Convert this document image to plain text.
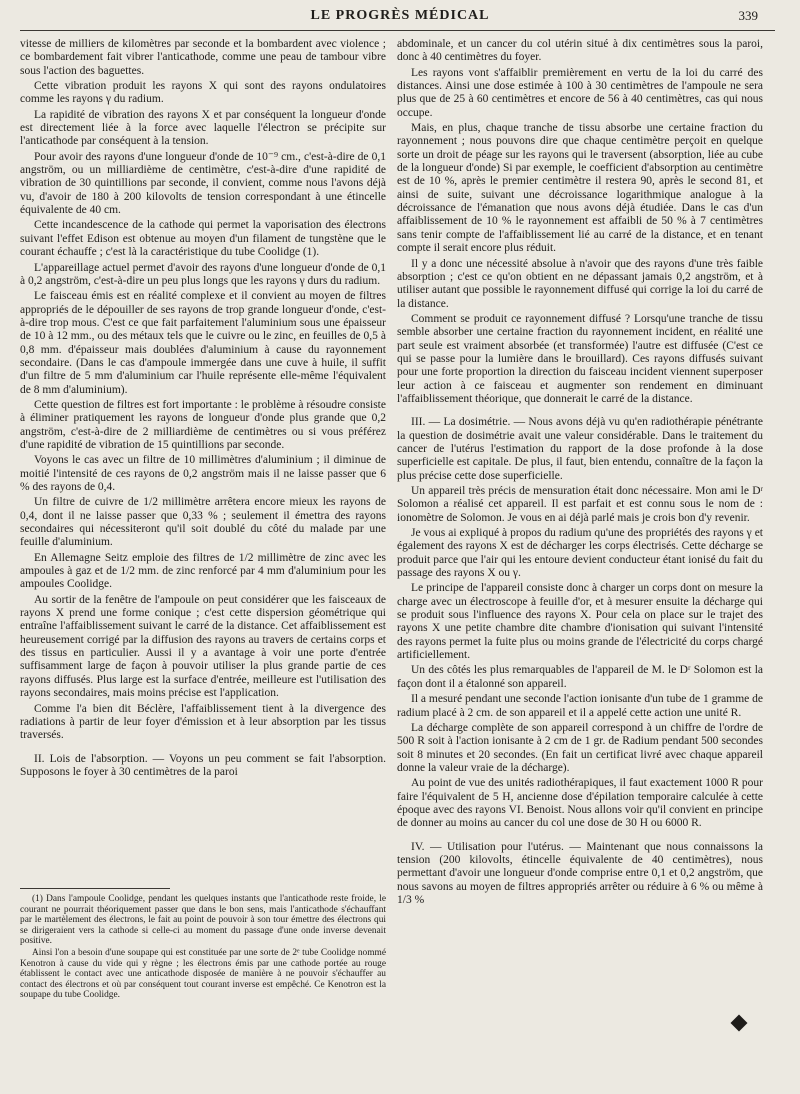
LE PROGRÈS MÉDICAL	339

vitesse de milliers de kilomètres par seconde et la bombardent avec violence ; ce bombardement fait vibrer l'anticathode, comme une peau de tambour vibre sous l'action des baguettes.

Cette vibration produit les rayons X qui sont des rayons ondulatoires comme les rayons γ du radium.

La rapidité de vibration des rayons X et par conséquent la longueur d'onde est directement liée à la force avec laquelle l'électron se précipite sur l'anticathode par conséquent à la tension.

Pour avoir des rayons d'une longueur d'onde de 10⁻⁹ cm., c'est-à-dire de 0,1 angström, ou un milliardième de centimètre, c'est-à-dire d'une rapidité de vibration de 30 quintillions par seconde, il convient, comme nous l'avons déjà vu, d'avoir de 180 à 200 kilovolts de tension correspondant à une étincelle équivalente de 40 cm.

Cette incandescence de la cathode qui permet la vaporisation des électrons suivant l'effet Edison est obtenue au moyen d'un filament de tungstène que le courant échauffe ; c'est là la caractéristique du tube Coolidge (1).

L'appareillage actuel permet d'avoir des rayons d'une longueur d'onde de 0,1 à 0,2 angström, c'est-à-dire un peu plus longs que les rayons γ durs du radium.

Le faisceau émis est en réalité complexe et il convient au moyen de filtres appropriés de le dépouiller de ses rayons de trop grande longueur d'onde, c'est-à-dire trop mous. C'est ce que fait parfaitement l'aluminium sous une épaisseur de 10 à 12 mm., ou des métaux tels que le cuivre ou le zinc, en feuilles de 0,5 à 0,8 mm. d'épaisseur mais doublées d'aluminium à cause du rayonnement secondaire. (Dans le cas d'ampoule immergée dans une cuve à huile, il suffit d'un filtre de 5 mm d'aluminium car l'huile représente elle-même l'équivalent de 8 mm d'aluminium).

Cette question de filtres est fort importante : le problème à résoudre consiste à éliminer pratiquement les rayons de longueur d'onde plus grande que 0,2 angström, c'est-à-dire de 2 milliardième de centimètres ou si vous préférez d'une rapidité de vibration de 15 quintillions par seconde.

Voyons le cas avec un filtre de 10 millimètres d'aluminium ; il diminue de moitié l'intensité de ces rayons de 0,2 angström mais il ne laisse passer que 6 % des rayons de 0,4.

Un filtre de cuivre de 1/2 millimètre arrêtera encore mieux les rayons de 0,4, dont il ne laisse passer que 0,33 % ; seulement il émettra des rayons secondaires qui nécessiteront qu'il soit doublé du côté du malade par une feuille d'aluminium.

En Allemagne Seitz emploie des filtres de 1/2 millimètre de zinc avec les ampoules à gaz et de 1/2 mm. de zinc renforcé par 4 mm d'aluminium pour les ampoules Coolidge.

Au sortir de la fenêtre de l'ampoule on peut considérer que les faisceaux de rayons X prend une forme conique ; c'est cette dispersion géométrique qui entraîne l'affaiblissement suivant le carré de la distance. Cet affaiblissement est heureusement corrigé par la diffusion des rayons au travers de certains corps et des tissus en particulier. Aussi il y a avantage à voir une porte d'entrée suffisamment large de façon à pouvoir utiliser la plus grande partie de ces rayons diffusés. Plus large est la surface d'entrée, meilleure est l'utilisation des rayons secondaires, mais moins précise est l'application.

Comme l'a bien dit Béclère, l'affaiblissement tient à la divergence des radiations à partir de leur foyer d'émission et à leur absorption par les tissus traversés.

II. Lois de l'absorption. — Voyons un peu comment se fait l'absorption. Supposons le foyer à 30 centimètres de la paroi

(1) Dans l'ampoule Coolidge, pendant les quelques instants que l'anticathode reste froide, le courant ne pourrait théoriquement passer que dans le bon sens, mais l'anticathode s'échauffant par le martèlement des électrons, le fait au point de pouvoir à son tour émettre des électrons qui se dirigeraient vers la cathode si celle-ci au moment du passage d'une onde inverse devenait positive.

Ainsi l'on a besoin d'une soupape qui est constituée par une sorte de 2ᵉ tube Coolidge nommé Kenotron à cause du vide qui y règne ; les électrons émis par une cathode portée au rouge établissent le contact avec une anticathode disposée de manière à ne pouvoir s'échauffer au contact des électrons et où par conséquent tout courant inverse est empêché. Ce Kenotron est la soupape du tube Coolidge.

abdominale, et un cancer du col utérin situé à dix centimètres sous la paroi, donc à 40 centimètres du foyer.

Les rayons vont s'affaiblir premièrement en vertu de la loi du carré des distances. Ainsi une dose estimée à 100 à 30 centimètres de l'ampoule ne sera plus que de 25 à 60 centimètres et encore de 56 à 40 centimètres, cas qui nous occupe.

Mais, en plus, chaque tranche de tissu absorbe une certaine fraction du rayonnement ; nous pouvons dire que chaque centimètre perçoit en quelque sorte un droit de péage sur les rayons qui le traversent (absorption, liée au cube de la longueur d'onde) Si par exemple, le coefficient d'absorption au centimètre est de 10 %, après le premier centimètre il restera 90, après le second 81, et ainsi de suite, suivant une décroissance logarithmique analogue à la décroissance de l'émanation que nous avons déjà étudiée. Dans le cas d'un affaiblissement de 10 % le rayonnement est affaibli de 50 % à 7 centimètres sans tenir compte de l'affaiblissement lié au carré de la distance, et en tenant compte il serait encore plus réduit.

Il y a donc une nécessité absolue à n'avoir que des rayons d'une très faible absorption ; c'est ce qu'on obtient en ne dépassant jamais 0,2 angström, et à utiliser autant que possible le rayonnement diffusé qui corrige la loi du carré de la distance.

Comment se produit ce rayonnement diffusé ? Lorsqu'une tranche de tissu semble absorber une certaine fraction du rayonnement incident, en réalité une part seule est vraiment absorbée (et transformée) l'autre est diffusée (C'est ce qui se passe pour la lumière dans le brouillard). Ces rayons diffusés suivant pour une forte proportion la direction du faisceau incident viennent superposer leur action à ce faisceau et augmenter son rendement en diminuant l'affaiblissement théorique, que donnerait le carré de la distance.

III. — La dosimétrie. — Nous avons déjà vu qu'en radiothérapie pénétrante la question de dosimétrie avait une valeur considérable. Dans le traitement du cancer de l'utérus l'estimation du rapport de la dose profonde à la dose superficielle est capitale. De plus, il faut, bien entendu, connaître de la façon la plus précise cette dose superficielle.

Un appareil très précis de mensuration était donc nécessaire. Mon ami le Dʳ Solomon a réalisé cet appareil. Il est parfait et est connu sous le nom de : ionomètre de Solomon. Je vous en ai déjà parlé mais je crois bon d'y revenir.

Je vous ai expliqué à propos du radium qu'une des propriétés des rayons γ et également des rayons X est de décharger les corps électrisés. Cette décharge se produit parce que l'air qui les entoure devient conducteur étant ionisé du fait du passage des rayons X ou γ.

Le principe de l'appareil consiste donc à charger un corps dont on mesure la charge avec un électroscope à feuille d'or, et à mesurer ensuite la décharge qui se produit sous l'influence des rayons X. Pour cela on place sur le trajet des rayons X une petite chambre dite chambre d'ionisation qui suivant l'intensité des rayons permet la fuite plus ou moins grande de l'électricité du corps chargé artificiellement.

Un des côtés les plus remarquables de l'appareil de M. le Dʳ Solomon est la façon dont il a étalonné son appareil.

Il a mesuré pendant une seconde l'action ionisante d'un tube de 1 gramme de radium placé à 2 cm. de son appareil et il a appelé cette action une unité R.

La décharge complète de son appareil correspond à un chiffre de l'ordre de 500 R soit à l'action ionisante à 2 cm de 1 gr. de Radium pendant 500 secondes soit 8 minutes et 20 secondes. (En fait un certificat livré avec chaque appareil donne la valeur vraie de la décharge).

Au point de vue des unités radiothérapiques, il faut exactement 1000 R pour faire l'équivalent de 5 H, ancienne dose d'épilation temporaire calculée à cette époque avec des rayons VI. Benoist. Nous allons voir qu'il convient en principe de donner au moins au cancer du col une dose de 30 H ou 6000 R.

IV. — Utilisation pour l'utérus. — Maintenant que nous connaissons la tension (200 kilovolts, étincelle équivalente de 40 centimètres), nous permettant d'avoir une longueur d'onde comprise entre 0,1 et 0,2 angström, que nous savons au moyen de filtres appropriés arrêter ou réduire à 6 % ou même à 1/3 %
